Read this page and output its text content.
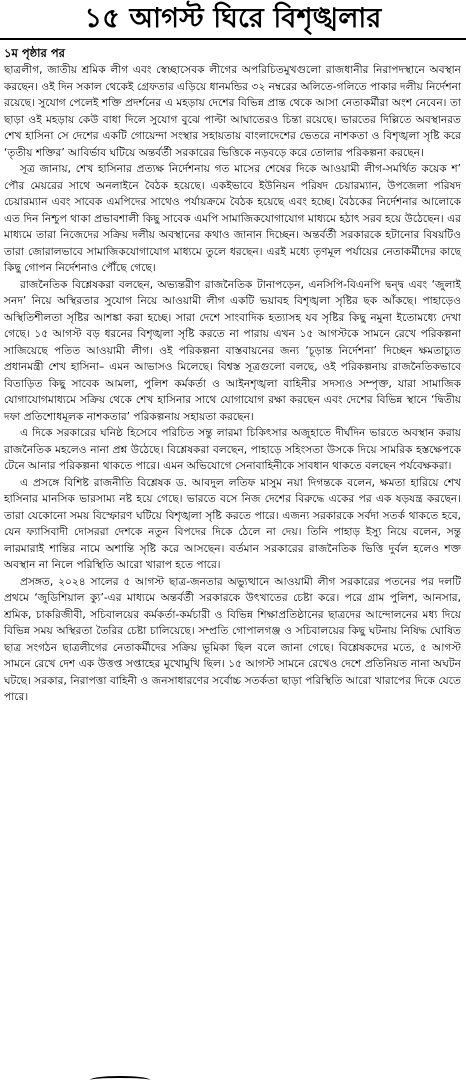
১৫ আগস্ট ঘিরে বিশৃঙ্খলার
১ম পৃষ্ঠার পর

ছাত্রলীগ, জাতীয় শ্রমিক লীগ এবং স্বেচ্ছাসেবক লীগের অপরিচিতমুখগুলো রাজধানীর নিরাপদস্থানে অবস্থান করছেন। ওই দিন সকাল থেকেই গ্রেফতার এড়িয়ে ধানমন্ডির ৩২ নম্বরের অলিতে-গলিতে পাকার দলীয় নির্দেশনা রয়েছে। সুযোগ পেলেই শক্তি প্রদর্শনের এ মহড়ায় দেশের বিভিন্ন প্রান্ত থেকে আসা নেতাকর্মীরা অংশ নেবেন। তা ছাড়া ওই মহড়ায় কেউ বাধা দিলে সুযোগ বুঝে পাল্টা আঘাতেরও চিন্তা রয়েছে। ভারতের দিল্লিতে অবস্থানরত শেখ হাসিনা সে দেশের একটি গোয়েন্দা সংস্থার সহায়তায় বাংলাদেশের ভেতরে নাশকতা ও বিশৃঙ্খলা সৃষ্টি করে ‘তৃতীয় শক্তির’ আবির্ভাব ঘটিয়ে অন্তর্বর্তী সরকারের ভিত্তিকে নড়বড়ে করে তোলার পরিকল্পনা করছেন।

সূত্র জানায়, শেখ হাসিনার প্রত্যক্ষ নির্দেশনায় গত মাসের শেষের দিকে আওয়ামী লীগ-সমর্থিত কয়েক শ’ পৌর মেয়রের সাথে অনলাইনে বৈঠক হয়েছে। একইভাবে ইউনিয়ন পরিষদ চেয়ারম্যান, উপজেলা পরিষদ চেয়ারম্যান এবং সাবেক এমপিদের সাথেও পর্যায়ক্রমে বৈঠক হয়েছে এবং হচ্ছে। বৈঠকের নির্দেশনার আলোকে এত দিন নিশ্চুপ থাকা প্রভাবশালী কিছু সাবেক এমপি সামাজিকযোগাযোগ মাধ্যমে হঠাৎ সরব হয়ে উঠেছেন। এর মাধ্যমে তারা নিজেদের সক্রিয় দলীয় অবস্থানের কথাও জানান দিচ্ছেন। অন্তর্বর্তী সরকারকে হটানোর বিষয়টিও তারা জোরালভাবে সামাজিকযোগাযোগ মাধ্যমে তুলে ধরছেন। এরই মধ্যে তৃণমূল পর্যায়ের নেতাকর্মীদের কাছে কিছু গোপন নির্দেশনাও পৌঁছে গেছে।

রাজনৈতিক বিশ্লেষকরা বলছেন, অভ্যন্তরীণ রাজনৈতিক টানাপড়েন, এনসিপি-বিএনপি দ্বন্দ্ব এবং ‘জুলাই সনদ’ নিয়ে অস্থিরতার সুযোগ নিয়ে আওয়ামী লীগ একটি ভয়াবহ বিশৃঙ্খলা সৃষ্টির ছক আঁকছে। পাহাড়েও অস্থিতিশীলতা সৃষ্টির আশঙ্কা করা হচ্ছে। সারা দেশে সাংবাদিক হত্যাসহ যব সৃষ্টির কিছু নমুনা ইতোমধ্যে দেখা গেছে। ১৫ আগস্ট বড় ধরনের বিশৃঙ্খলা সৃষ্টি করতে না পারায় এখন ১৫ আগস্টকে সামনে রেখে পরিকল্পনা সাজিয়েছে পতিত আওয়ামী লীগ। ওই পরিকল্পনা বাস্তবায়নের জন্য ‘চূড়ান্ত নির্দেশনা’ দিচ্ছেন ক্ষমতাচ্যুত প্রধানমন্ত্রী শেখ হাসিনা– এমন আভাসও মিলেছে। বিশ্বস্ত সূত্রগুলো বলছে, ওই পরিকল্পনায় রাজনৈতিকভাবে বিতাড়িত কিছু সাবেক আমলা, পুলিশ কর্মকর্তা ও আইনশৃঙ্খলা বাহিনীর সদস্যও সম্পৃক্ত, যারা সামাজিক যোগাযোগমাধ্যমে সক্রিয় থেকে শেখ হাসিনার সাথে যোগাযোগ রক্ষা করছেন এবং দেশের বিভিন্ন স্থানে ‘দ্বিতীয় দফা প্রতিশোধমূলক নাশকতার’ পরিকল্পনায় সহায়তা করছেন।

এ দিকে সরকারের ঘনিষ্ঠ হিসেবে পরিচিত সন্তু লারমা চিকিৎসার অজুহাতে দীর্ঘদিন ভারতে অবস্থান করায় রাজনৈতিক মহলেও নানা প্রশ্ন উঠেছে। বিশ্লেষকরা বলছেন, পাহাড়ে সহিংসতা উসকে দিয়ে সামরিক হস্তক্ষেপকে টেনে আনার পরিকল্পনা থাকতে পারে। এমন অভিযোগে সেনাবাহিনীকে সাবধান থাকতে বলছেন পর্যবেক্ষকরা।

এ প্রসঙ্গে বিশিষ্ট রাজনীতি বিশ্লেষক ড. আবদুল লতিফ মাসুম নয়া দিগন্তকে বলেন, ক্ষমতা হারিয়ে শেখ হাসিনার মানসিক ভারসাম্য নষ্ট হয়ে গেছে। ভারতে বসে নিজ দেশের বিরুদ্ধে একের পর এক ষড়যন্ত্র করছেন। তারা যেকোনো সময় বিস্ফোরণ ঘটিয়ে বিশৃঙ্খলা সৃষ্টি করতে পারে। এজন্য সরকারকে সর্বদা সতর্ক থাকতে হবে, যেন ফ্যাসিবাদী দোসররা দেশকে নতুন বিপদের দিকে ঠেলে না দেয়। তিনি পাহাড় ইস্যু নিয়ে বলেন, সন্তু লারমারাই শান্তির নামে অশান্তি সৃষ্টি করে আসছেন। বর্তমান সরকারের রাজনৈতিক ভিত্তি দুর্বল হলেও শক্ত অবস্থান না নিলে পরিস্থিতি আরো খারাপ হতে পারে।

প্রসঙ্গত, ২০২৪ সালের ৫ আগস্ট ছাত্র-জনতার অভ্যুত্থানে আওয়ামী লীগ সরকারের পতনের পর দলটি প্রথমে ‘জুডিশিয়াল ক্যু’-এর মাধ্যমে অন্তর্বর্তী সরকারকে উৎখাতের চেষ্টা করে। পরে গ্রাম পুলিশ, আনসার, শ্রমিক, চাকরিজীবী, সচিবালয়ের কর্মকর্তা-কর্মচারী ও বিভিন্ন শিক্ষাপ্রতিষ্ঠানের ছাত্রদের আন্দোলনের মধ্য দিয়ে বিভিন্ন সময় অস্থিরতা তৈরির চেষ্টা চালিয়েছে। সম্প্রতি গোপালগঞ্জ ও সচিবালয়ের কিছু ঘটনায় নিষিদ্ধ ঘোষিত ছাত্র সংগঠন ছাত্রলীগের নেতাকর্মীদের সক্রিয় ভূমিকা ছিল বলে জানা গেছে। বিশ্লেষকদের মতে, ৫ আগস্ট সামনে রেখে দেশ এক উত্তপ্ত সপ্তাহের মুখোমুখি ছিল। ১৫ আগস্ট সামনে রেখেও দেশে প্রতিনিয়ত নানা অঘটন ঘটছে। সরকার, নিরাপত্তা বাহিনী ও জনসাধারণের সর্বোচ্চ সতর্কতা ছাড়া পরিস্থিতি আরো খারাপের দিকে যেতে পারে।
